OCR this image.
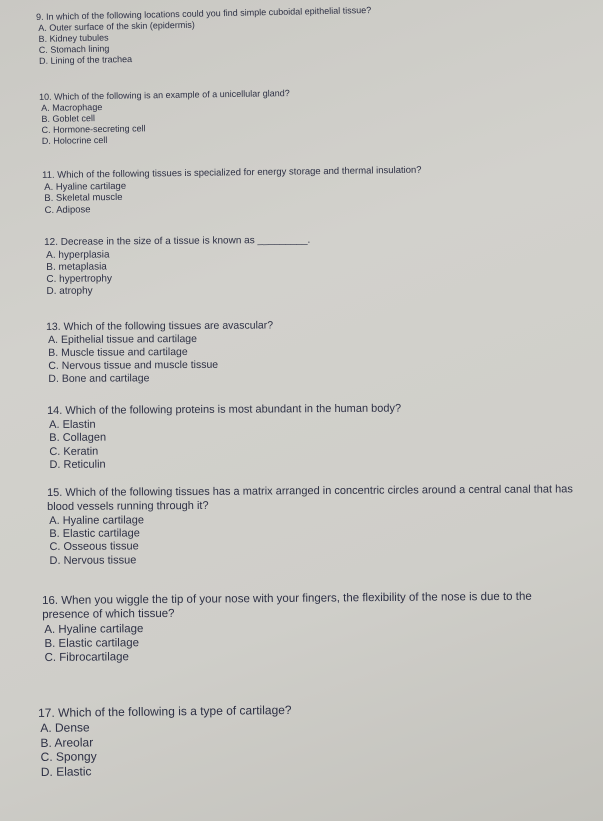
9. In which of the following locations could you find simple cuboidal epithelial tissue?
A. Outer surface of the skin (epidermis)
B. Kidney tubules
C. Stomach lining
D. Lining of the trachea
10. Which of the following is an example of a unicellular gland?
A. Macrophage
B. Goblet cell
C. Hormone-secreting cell
D. Holocrine cell
11. Which of the following tissues is specialized for energy storage and thermal insulation?
A. Hyaline cartilage
B. Skeletal muscle
C. Adipose
12. Decrease in the size of a tissue is known as _________.
A. hyperplasia
B. metaplasia
C. hypertrophy
D. atrophy
13. Which of the following tissues are avascular?
A. Epithelial tissue and cartilage
B. Muscle tissue and cartilage
C. Nervous tissue and muscle tissue
D. Bone and cartilage
14. Which of the following proteins is most abundant in the human body?
A. Elastin
B. Collagen
C. Keratin
D. Reticulin
15. Which of the following tissues has a matrix arranged in concentric circles around a central canal that has blood vessels running through it?
A. Hyaline cartilage
B. Elastic cartilage
C. Osseous tissue
D. Nervous tissue
16. When you wiggle the tip of your nose with your fingers, the flexibility of the nose is due to the presence of which tissue?
A. Hyaline cartilage
B. Elastic cartilage
C. Fibrocartilage
17. Which of the following is a type of cartilage?
A. Dense
B. Areolar
C. Spongy
D. Elastic
